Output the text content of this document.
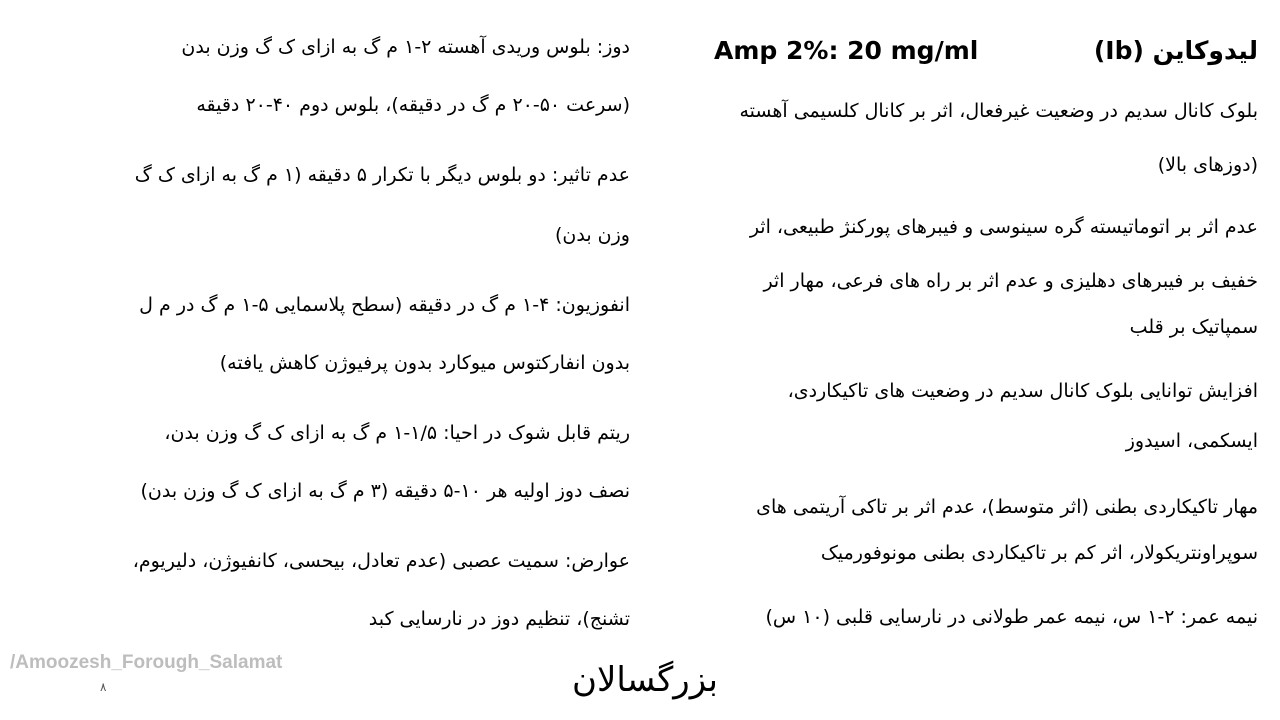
لیدوکاین (Ib)
Amp 2%: 20 mg/ml
بلوک کانال سدیم در وضعیت غیرفعال، اثر بر کانال کلسیمی آهسته
(دوزهای بالا)
عدم اثر بر اتوماتیسته گره سینوسی و فیبرهای پورکنژ طبیعی، اثر
خفیف بر فیبرهای دهلیزی و عدم اثر بر راه های فرعی، مهار اثر
سمپاتیک بر قلب
افزایش توانایی بلوک کانال سدیم در وضعیت های تاکیکاردی،
ایسکمی، اسیدوز
مهار تاکیکاردی بطنی (اثر متوسط)، عدم اثر بر تاکی آریتمی های
سوپراونتریکولار، اثر کم بر تاکیکاردی بطنی مونوفورمیک
نیمه عمر: ۲-۱ س، نیمه عمر طولانی در نارسایی قلبی (۱۰ س)
دوز: بلوس وریدی آهسته ۲-۱ م گ به ازای ک گ وزن بدن
(سرعت ۵۰-۲۰ م گ در دقیقه)، بلوس دوم ۴۰-۲۰ دقیقه
عدم تاثیر: دو بلوس دیگر با تکرار ۵ دقیقه (۱ م گ به ازای ک گ
وزن بدن)
انفوزیون: ۴-۱ م گ در دقیقه (سطح پلاسمایی ۵-۱ م گ در م ل
بدون انفارکتوس میوکارد بدون پرفیوژن کاهش یافته)
ریتم قابل شوک در احیا: ۱/۵-۱ م گ به ازای ک گ وزن بدن،
نصف دوز اولیه هر ۱۰-۵ دقیقه (۳ م گ به ازای ک گ وزن بدن)
عوارض: سمیت عصبی (عدم تعادل، بیحسی، کانفیوژن، دلیریوم،
تشنج)، تنظیم دوز در نارسایی کبد
/Amoozesh_Forough_Salamat
۸	بزرگسالان
